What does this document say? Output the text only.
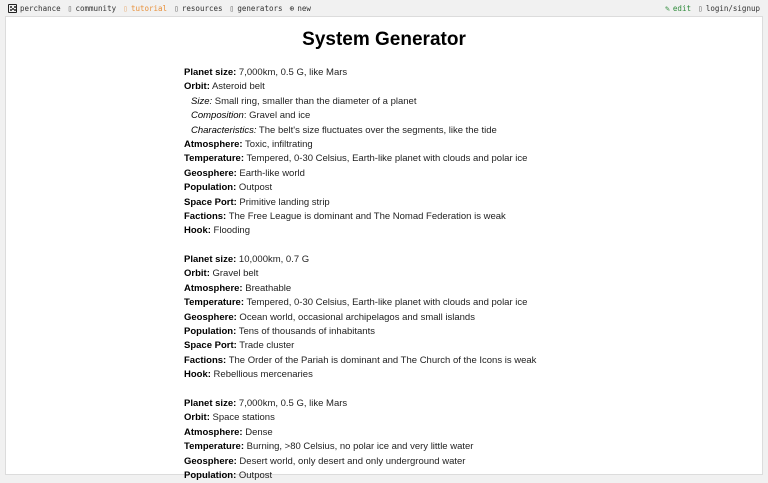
perchance ▯ community ▯ tutorial ▯ resources ▯ generators ⊕ new	✎ edit ▯ login/signup
System Generator
Planet size: 7,000km, 0.5 G, like Mars
Orbit: Asteroid belt
Size: Small ring, smaller than the diameter of a planet
Composition: Gravel and ice
Characteristics: The belt's size fluctuates over the segments, like the tide
Atmosphere: Toxic, infiltrating
Temperature: Tempered, 0-30 Celsius, Earth-like planet with clouds and polar ice
Geosphere: Earth-like world
Population: Outpost
Space Port: Primitive landing strip
Factions: The Free League is dominant and The Nomad Federation is weak
Hook: Flooding
Planet size: 10,000km, 0.7 G
Orbit: Gravel belt
Atmosphere: Breathable
Temperature: Tempered, 0-30 Celsius, Earth-like planet with clouds and polar ice
Geosphere: Ocean world, occasional archipelagos and small islands
Population: Tens of thousands of inhabitants
Space Port: Trade cluster
Factions: The Order of the Pariah is dominant and The Church of the Icons is weak
Hook: Rebellious mercenaries
Planet size: 7,000km, 0.5 G, like Mars
Orbit: Space stations
Atmosphere: Dense
Temperature: Burning, >80 Celsius, no polar ice and very little water
Geosphere: Desert world, only desert and only underground water
Population: Outpost
